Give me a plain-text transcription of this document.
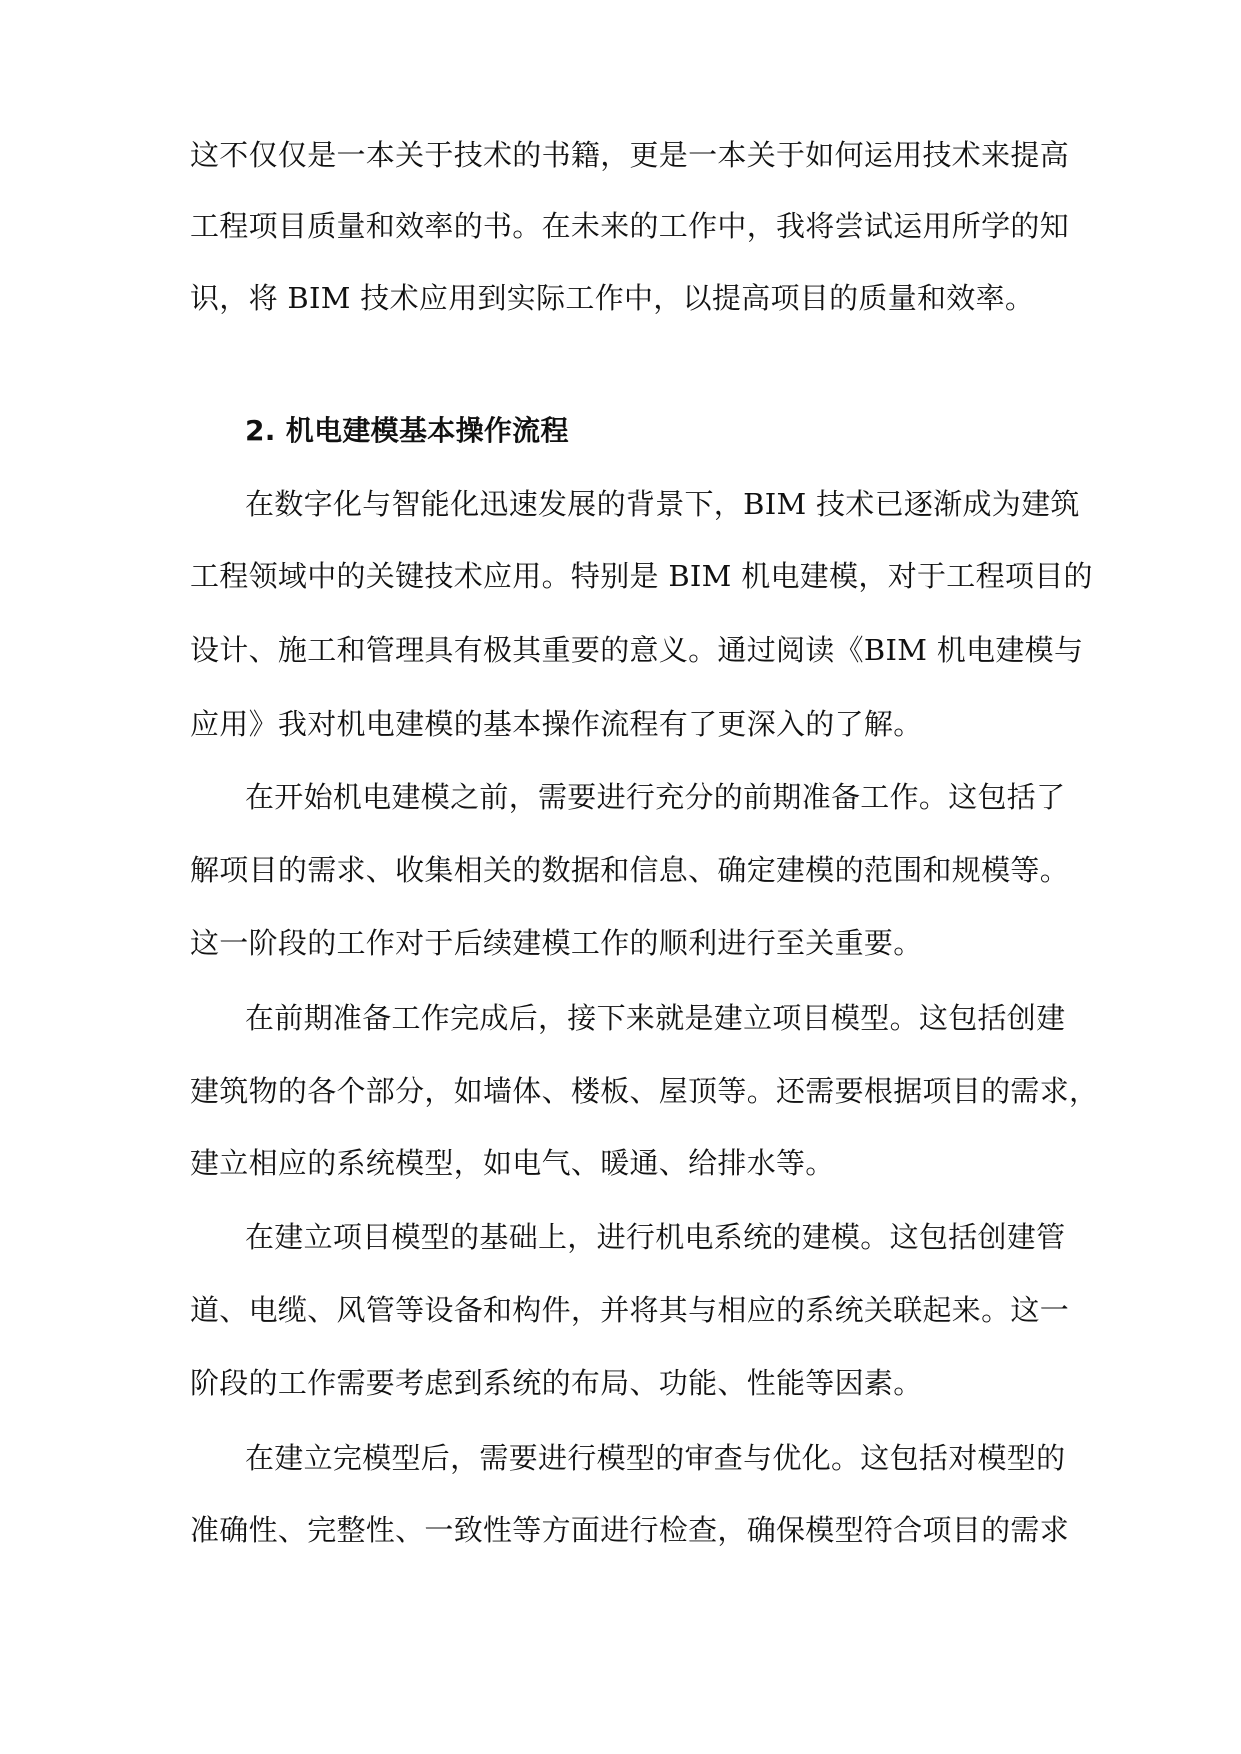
这不仅仅是一本关于技术的书籍，更是一本关于如何运用技术来提高
工程项目质量和效率的书。在未来的工作中，我将尝试运用所学的知
识，将 BIM 技术应用到实际工作中，以提高项目的质量和效率。
2. 机电建模基本操作流程
在数字化与智能化迅速发展的背景下，BIM 技术已逐渐成为建筑
工程领域中的关键技术应用。特别是 BIM 机电建模，对于工程项目的
设计、施工和管理具有极其重要的意义。通过阅读《BIM 机电建模与
应用》我对机电建模的基本操作流程有了更深入的了解。
在开始机电建模之前，需要进行充分的前期准备工作。这包括了
解项目的需求、收集相关的数据和信息、确定建模的范围和规模等。
这一阶段的工作对于后续建模工作的顺利进行至关重要。
在前期准备工作完成后，接下来就是建立项目模型。这包括创建
建筑物的各个部分，如墙体、楼板、屋顶等。还需要根据项目的需求，
建立相应的系统模型，如电气、暖通、给排水等。
在建立项目模型的基础上，进行机电系统的建模。这包括创建管
道、电缆、风管等设备和构件，并将其与相应的系统关联起来。这一
阶段的工作需要考虑到系统的布局、功能、性能等因素。
在建立完模型后，需要进行模型的审查与优化。这包括对模型的
准确性、完整性、一致性等方面进行检查，确保模型符合项目的需求
